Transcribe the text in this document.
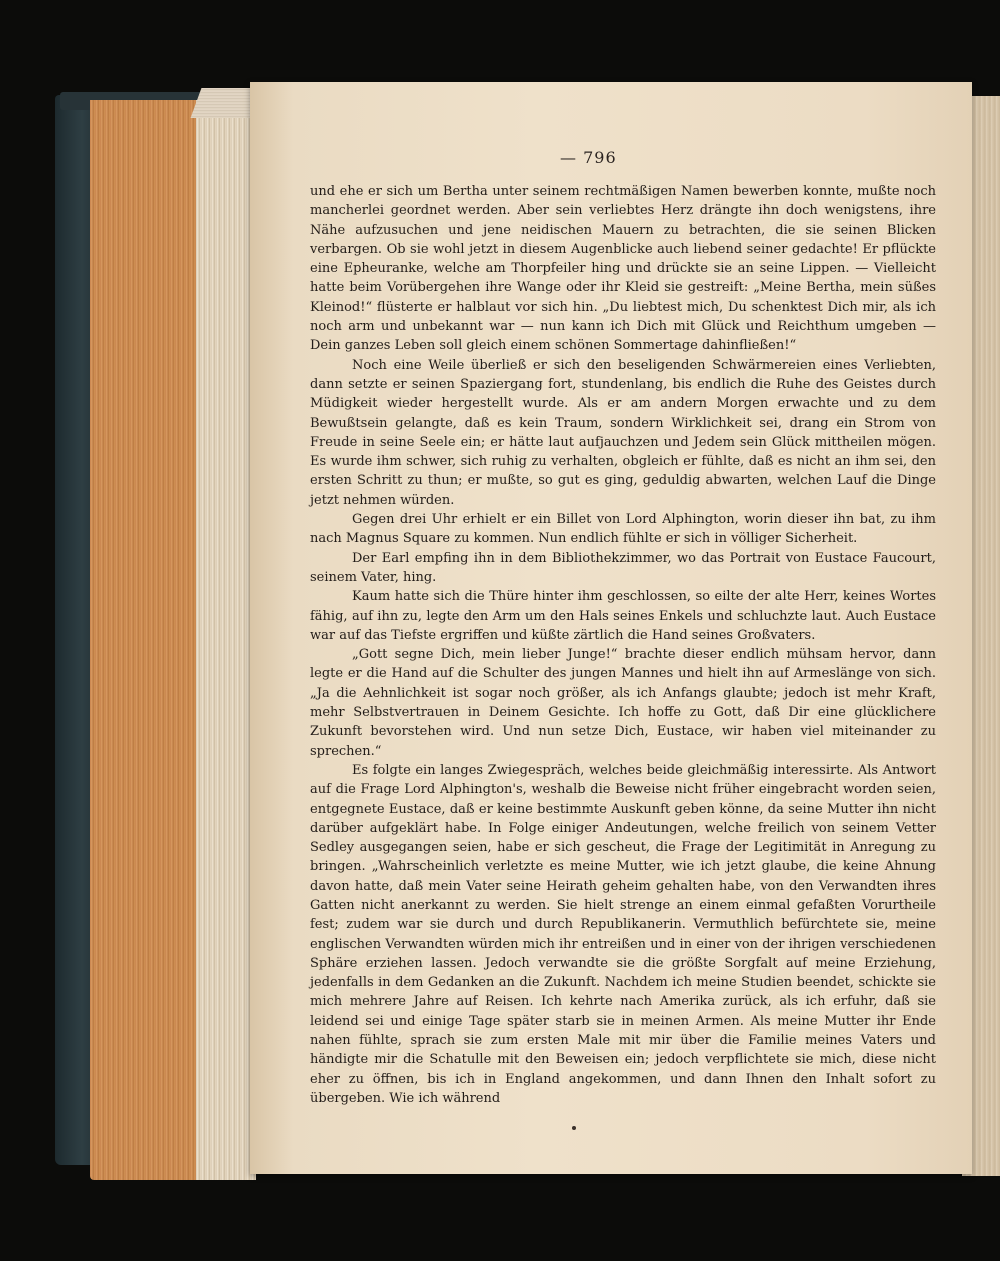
— 796

und ehe er sich um Bertha unter seinem rechtmäßigen Namen bewerben konnte, mußte noch mancherlei geordnet werden. Aber sein verliebtes Herz drängte ihn doch wenigstens, ihre Nähe aufzusuchen und jene neidischen Mauern zu betrachten, die sie seinen Blicken verbargen. Ob sie wohl jetzt in diesem Augenblicke auch liebend seiner gedachte! Er pflückte eine Epheuranke, welche am Thorpfeiler hing und drückte sie an seine Lippen. — Vielleicht hatte beim Vorübergehen ihre Wange oder ihr Kleid sie gestreift: „Meine Bertha, mein süßes Kleinod!“ flüsterte er halblaut vor sich hin. „Du liebtest mich, Du schenktest Dich mir, als ich noch arm und unbekannt war — nun kann ich Dich mit Glück und Reichthum umgeben — Dein ganzes Leben soll gleich einem schönen Sommertage dahinfließen!“

Noch eine Weile überließ er sich den beseligenden Schwärmereien eines Verliebten, dann setzte er seinen Spaziergang fort, stundenlang, bis endlich die Ruhe des Geistes durch Müdigkeit wieder hergestellt wurde. Als er am andern Morgen erwachte und zu dem Bewußtsein gelangte, daß es kein Traum, sondern Wirklichkeit sei, drang ein Strom von Freude in seine Seele ein; er hätte laut aufjauchzen und Jedem sein Glück mittheilen mögen. Es wurde ihm schwer, sich ruhig zu verhalten, obgleich er fühlte, daß es nicht an ihm sei, den ersten Schritt zu thun; er mußte, so gut es ging, geduldig abwarten, welchen Lauf die Dinge jetzt nehmen würden.

Gegen drei Uhr erhielt er ein Billet von Lord Alphington, worin dieser ihn bat, zu ihm nach Magnus Square zu kommen. Nun endlich fühlte er sich in völliger Sicherheit.

Der Earl empfing ihn in dem Bibliothekzimmer, wo das Portrait von Eustace Faucourt, seinem Vater, hing.

Kaum hatte sich die Thüre hinter ihm geschlossen, so eilte der alte Herr, keines Wortes fähig, auf ihn zu, legte den Arm um den Hals seines Enkels und schluchzte laut. Auch Eustace war auf das Tiefste ergriffen und küßte zärtlich die Hand seines Großvaters.

„Gott segne Dich, mein lieber Junge!“ brachte dieser endlich mühsam hervor, dann legte er die Hand auf die Schulter des jungen Mannes und hielt ihn auf Armeslänge von sich. „Ja die Aehnlichkeit ist sogar noch größer, als ich Anfangs glaubte; jedoch ist mehr Kraft, mehr Selbstvertrauen in Deinem Gesichte. Ich hoffe zu Gott, daß Dir eine glücklichere Zukunft bevorstehen wird. Und nun setze Dich, Eustace, wir haben viel miteinander zu sprechen.“

Es folgte ein langes Zwiegespräch, welches beide gleichmäßig interessirte. Als Antwort auf die Frage Lord Alphington's, weshalb die Beweise nicht früher eingebracht worden seien, entgegnete Eustace, daß er keine bestimmte Auskunft geben könne, da seine Mutter ihn nicht darüber aufgeklärt habe. In Folge einiger Andeutungen, welche freilich von seinem Vetter Sedley ausgegangen seien, habe er sich gescheut, die Frage der Legitimität in Anregung zu bringen. „Wahrscheinlich verletzte es meine Mutter, wie ich jetzt glaube, die keine Ahnung davon hatte, daß mein Vater seine Heirath geheim gehalten habe, von den Verwandten ihres Gatten nicht anerkannt zu werden. Sie hielt strenge an einem einmal gefaßten Vorurtheile fest; zudem war sie durch und durch Republikanerin. Vermuthlich befürchtete sie, meine englischen Verwandten würden mich ihr entreißen und in einer von der ihrigen verschiedenen Sphäre erziehen lassen. Jedoch verwandte sie die größte Sorgfalt auf meine Erziehung, jedenfalls in dem Gedanken an die Zukunft. Nachdem ich meine Studien beendet, schickte sie mich mehrere Jahre auf Reisen. Ich kehrte nach Amerika zurück, als ich erfuhr, daß sie leidend sei und einige Tage später starb sie in meinen Armen. Als meine Mutter ihr Ende nahen fühlte, sprach sie zum ersten Male mit mir über die Familie meines Vaters und händigte mir die Schatulle mit den Beweisen ein; jedoch verpflichtete sie mich, diese nicht eher zu öffnen, bis ich in England angekommen, und dann Ihnen den Inhalt sofort zu übergeben. Wie ich während
